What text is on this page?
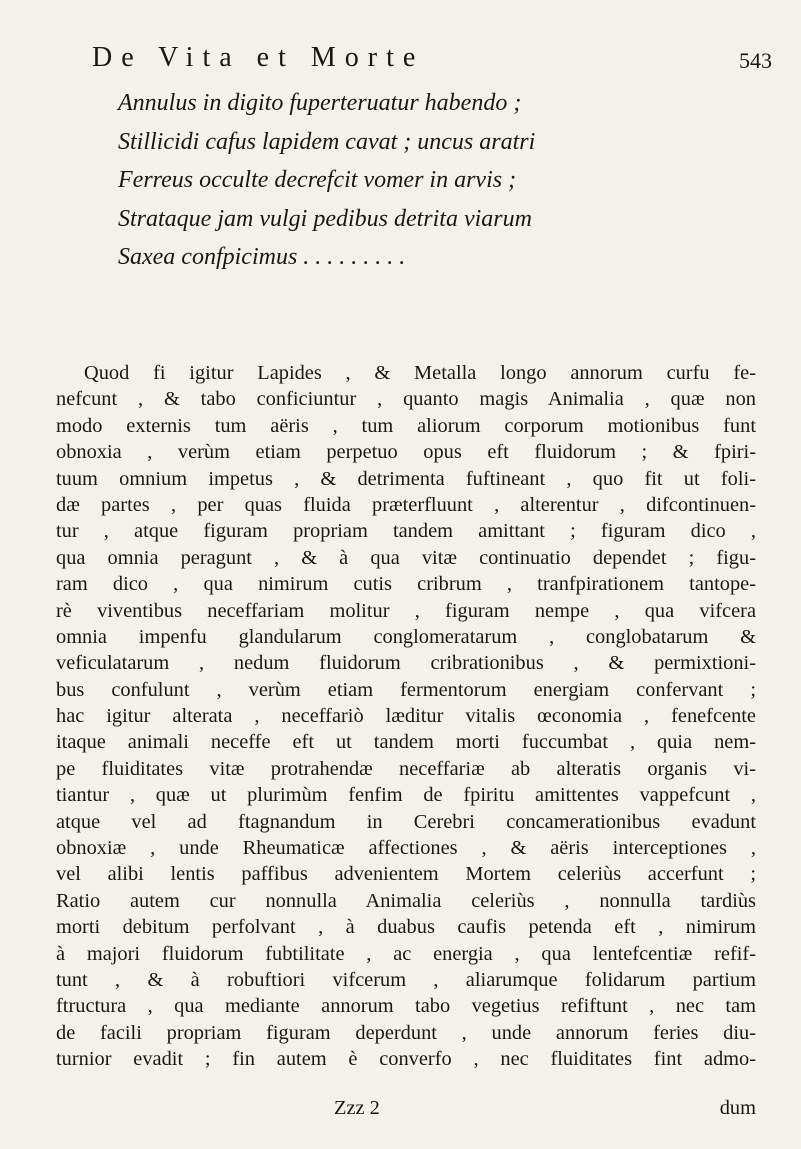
De Vita et Morte	543
Annulus in digito fuperteruatur habendo ;
Stillicidi cafus lapidem cavat ; uncus aratri
Ferreus occulte decrefcit vomer in arvis ;
Strataque jam vulgi pedibus detrita viarum
Saxea confpicimus . . . . . . . . .
Quod fi igitur Lapides , & Metalla longo annorum curfu fe-
nefcunt , & tabo conficiuntur , quanto magis Animalia , quæ non
modo externis tum aëris , tum aliorum corporum motionibus funt
obnoxia , verùm etiam perpetuo opus eft fluidorum ; & fpiri-
tuum omnium impetus , & detrimenta fuftineant , quo fit ut foli-
dæ partes , per quas fluida præterfluunt , alterentur , difcontinuen-
tur , atque figuram propriam tandem amittant ; figuram dico ,
qua omnia peragunt , & à qua vitæ continuatio dependet ; figu-
ram dico , qua nimirum cutis cribrum , tranfpirationem tantope-
rè viventibus neceffariam molitur , figuram nempe , qua vifcera
omnia impenfu glandularum conglomeratarum , conglobatarum &
veficulatarum , nedum fluidorum cribrationibus , & permixtioni-
bus confulunt , verùm etiam fermentorum energiam confervant ;
hac igitur alterata , neceffariò læditur vitalis œconomia , fenefcente
itaque animali neceffe eft ut tandem morti fuccumbat , quia nem-
pe fluiditates vitæ protrahendæ neceffariæ ab alteratis organis vi-
tiantur , quæ ut plurimùm fenfim de fpiritu amittentes vappefcunt ,
atque vel ad ftagnandum in Cerebri concamerationibus evadunt
obnoxiæ , unde Rheumaticæ affectiones , & aëris interceptiones ,
vel alibi lentis paffibus advenientem Mortem celeriùs accerfunt ;
Ratio autem cur nonnulla Animalia celeriùs , nonnulla tardiùs
morti debitum perfolvant , à duabus caufis petenda eft , nimirum
à majori fluidorum fubtilitate , ac energia , qua lentefcentiæ refif-
tunt , & à robuftiori vifcerum , aliarumque folidarum partium
ftructura , qua mediante annorum tabo vegetius refiftunt , nec tam
de facili propriam figuram deperdunt , unde annorum feries diu-
turnior evadit ; fin autem è converfo , nec fluiditates fint admo-
Zzz 2	dum
